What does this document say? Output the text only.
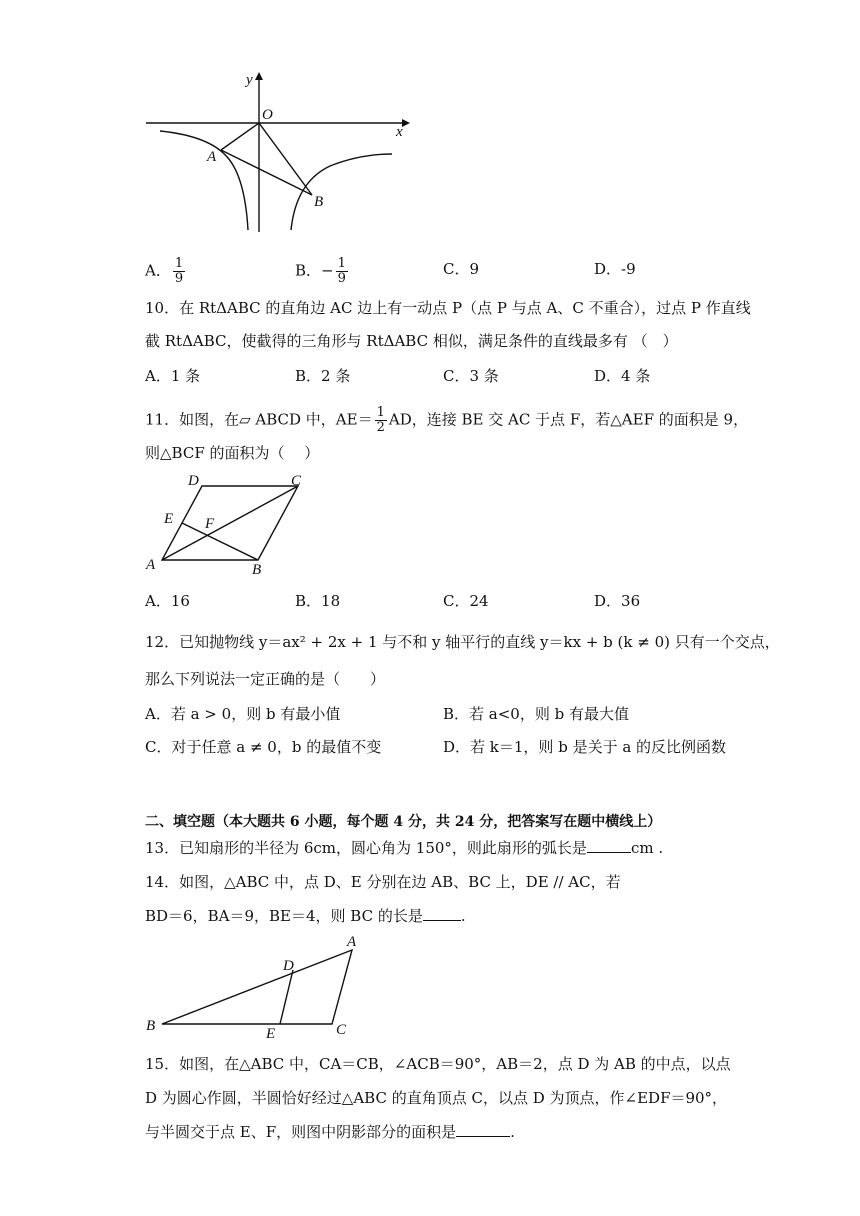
y
x
O
A
B
A． $\frac{1}{9}$	B．− $\frac{1}{9}$	C．9	D．-9
10．在 RtΔABC 的直角边 AC 边上有一动点 P（点 P 与点 A、C 不重合），过点 P 作直线
截 RtΔABC，使截得的三角形与 RtΔABC 相似，满足条件的直线最多有 （　）
A．1 条	B．2 条	C．3 条	D．4 条
11．如图，在▱ ABCD 中，$AE= \frac{1}{2}$ AD，连接 BE 交 AC 于点 F，若△AEF 的面积是 9，
则△BCF 的面积为（　 ）
D	C
E F
A	B
A．16	B．18	C．24	D．36
12．已知抛物线 y＝ax² + 2x + 1 与不和 y 轴平行的直线 y＝kx + b (k ≠ 0) 只有一个交点，
那么下列说法一定正确的是（　　）
A．若 a > 0，则 b 有最小值	B．若 a<0，则 b 有最大值
C．对于任意 a ≠ 0，b 的最值不变	D．若 k＝1，则 b 是关于 a 的反比例函数
二、填空题（本大题共 6 小题，每个题 4 分，共 24 分，把答案写在题中横线上）
13．已知扇形的半径为 6cm，圆心角为 150°，则此扇形的弧长是	cm .
14．如图，△ABC 中，点 D、E 分别在边 AB、BC 上，DE // AC，若
BD＝6，BA＝9，BE＝4，则 BC 的长是	.
A
D
B	E	C
15．如图，在△ABC 中，CA＝CB，∠ACB＝90°，AB＝2，点 D 为 AB 的中点，以点
D 为圆心作圆，半圆恰好经过△ABC 的直角顶点 C，以点 D 为顶点，作∠EDF＝90°，
与半圆交于点 E、F，则图中阴影部分的面积是	.
